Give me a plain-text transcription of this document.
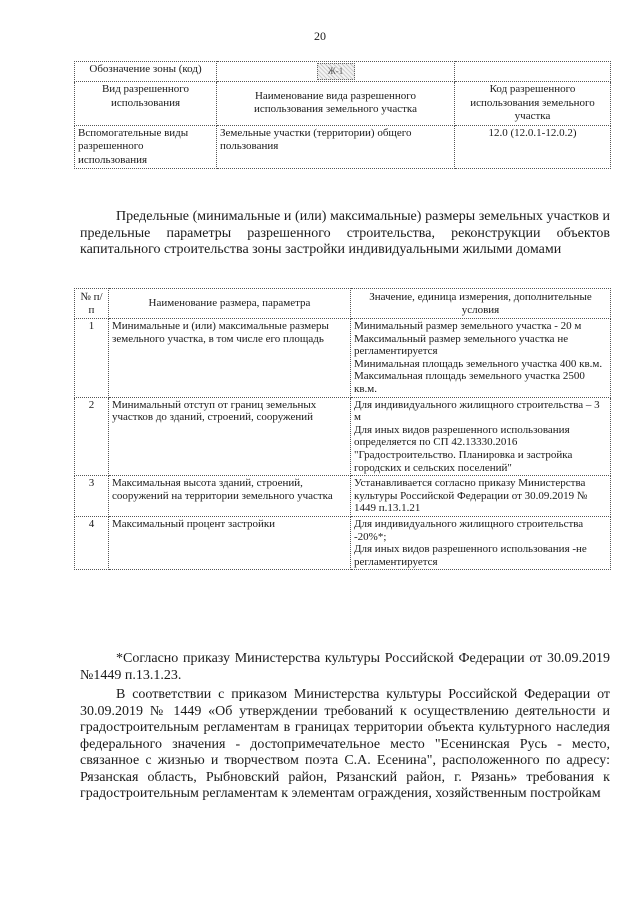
20
Обозначение зоны (код)	Ж-1	
Вид разрешенного использования	Наименование вида разрешенного использования земельного участка	Код разрешенного использования земельного участка
Вспомогательные виды разрешенного использования	Земельные участки (территории) общего пользования	12.0 (12.0.1-12.0.2)

Предельные (минимальные и (или) максимальные) размеры земельных участков и предельные параметры разрешенного строительства, реконструкции объектов капитального строительства зоны застройки индивидуальными жилыми домами

№ п/п	Наименование размера, параметра	Значение, единица измерения, дополнительные условия
1	Минимальные и (или) максимальные размеры земельного участка, в том числе его площадь	Минимальный размер земельного участка - 20 м
Максимальный размер земельного участка не регламентируется
Минимальная площадь земельного участка 400 кв.м.
Максимальная площадь земельного участка 2500 кв.м.

2	Минимальный отступ от границ земельных участков до зданий, строений, сооружений	Для индивидуального жилищного строительства – 3 м
Для иных видов разрешенного использования определяется по СП 42.13330.2016 "Градостроительство. Планировка и застройка городских и сельских поселений"

3	Максимальная высота зданий, строений, сооружений на территории земельного участка	Устанавливается согласно приказу Министерства культуры Российской Федерации от 30.09.2019 № 1449 п.13.1.21

4	Максимальный процент застройки	Для индивидуального жилищного строительства -20%*;
Для иных видов разрешенного использования -не регламентируется

*Согласно приказу Министерства культуры Российской Федерации от 30.09.2019 №1449 п.13.1.23.

В соответствии с приказом Министерства культуры Российской Федерации от 30.09.2019 № 1449 «Об утверждении требований к осуществлению деятельности и градостроительным регламентам в границах территории объекта культурного наследия федерального значения - достопримечательное место "Есенинская Русь - место, связанное с жизнью и творчеством поэта С.А. Есенина", расположенного по адресу: Рязанская область, Рыбновский район, Рязанский район, г. Рязань» требования к градостроительным регламентам к элементам ограждения, хозяйственным постройкам
